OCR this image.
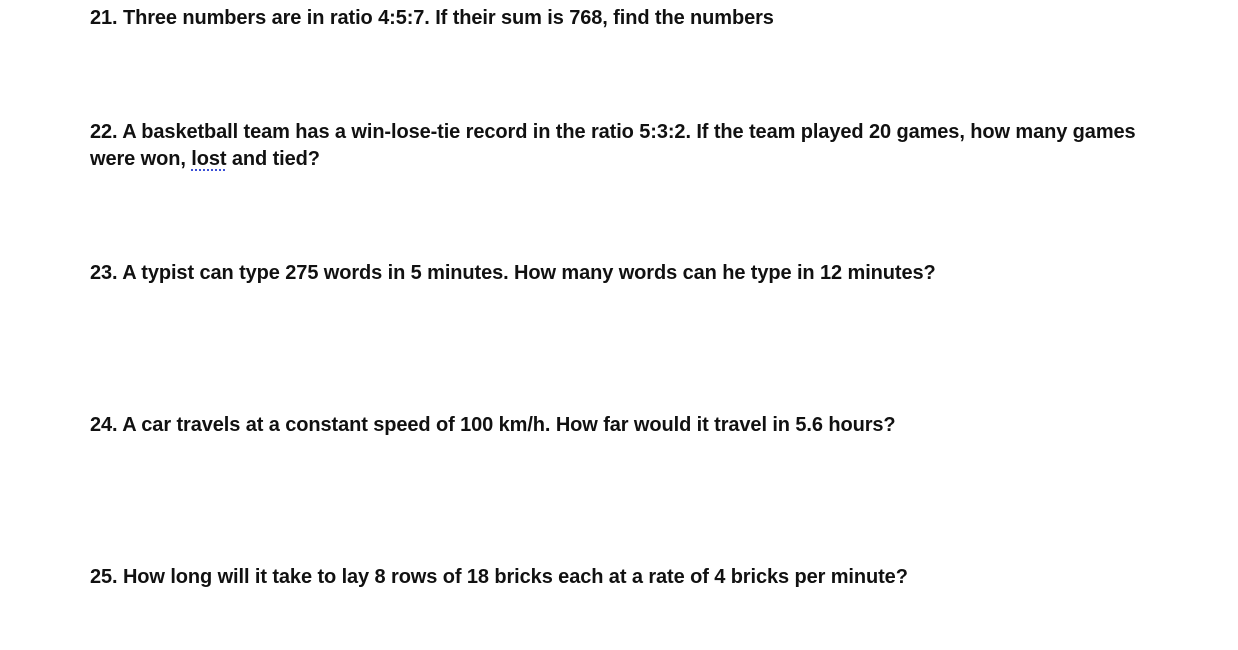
21. Three numbers are in ratio 4:5:7. If their sum is 768, find the numbers

22. A basketball team has a win-lose-tie record in the ratio 5:3:2. If the team played 20 games, how many games were won, lost and tied?

23. A typist can type 275 words in 5 minutes. How many words can he type in 12 minutes?

24. A car travels at a constant speed of 100 km/h. How far would it travel in 5.6 hours?

25. How long will it take to lay 8 rows of 18 bricks each at a rate of 4 bricks per minute?
